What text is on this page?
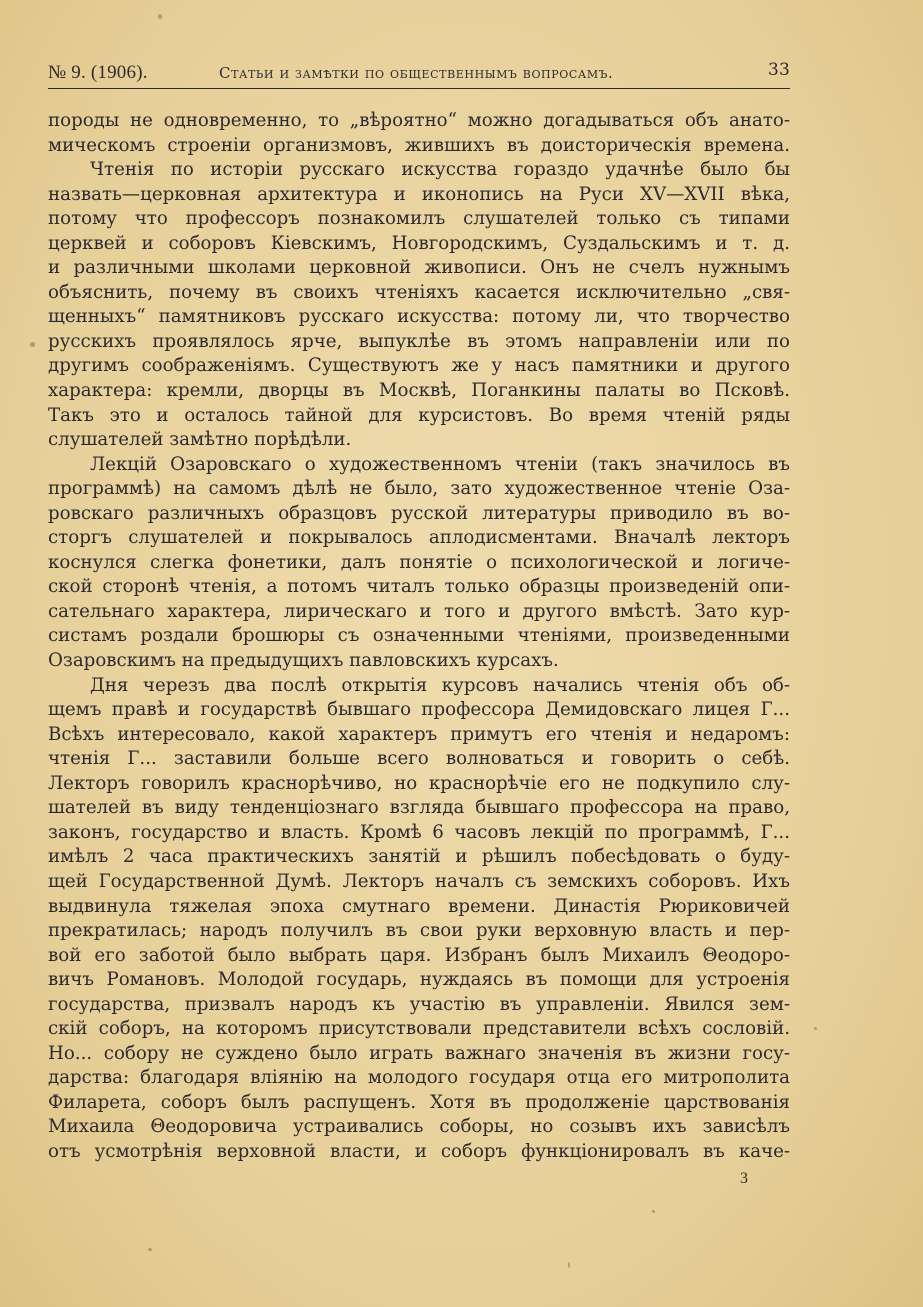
№ 9. (1906).	Статьи и замѣтки по общественнымъ вопросамъ.	33
породы не одновременно, то „вѣроятно“ можно догадываться объ анато-
мическомъ строеніи организмовъ, жившихъ въ доисторическія времена.
Чтенія по исторіи русскаго искусства гораздо удачнѣе было бы
назвать—церковная архитектура и иконопись на Руси XV—XVII вѣка,
потому что профессоръ познакомилъ слушателей только съ типами
церквей и соборовъ Кіевскимъ, Новгородскимъ, Суздальскимъ и т. д.
и различными школами церковной живописи. Онъ не счелъ нужнымъ
объяснить, почему въ своихъ чтеніяхъ касается исключительно „свя-
щенныхъ“ памятниковъ русскаго искусства: потому ли, что творчество
русскихъ проявлялось ярче, выпуклѣе въ этомъ направленіи или по
другимъ соображеніямъ. Существуютъ же у насъ памятники и другого
характера: кремли, дворцы въ Москвѣ, Поганкины палаты во Псковѣ.
Такъ это и осталось тайной для курсистовъ. Во время чтеній ряды
слушателей замѣтно порѣдѣли.
Лекцій Озаровскаго о художественномъ чтеніи (такъ значилось въ
программѣ) на самомъ дѣлѣ не было, зато художественное чтеніе Оза-
ровскаго различныхъ образцовъ русской литературы приводило въ во-
сторгъ слушателей и покрывалось аплодисментами. Вначалѣ лекторъ
коснулся слегка фонетики, далъ понятіе о психологической и логиче-
ской сторонѣ чтенія, а потомъ читалъ только образцы произведеній опи-
сательнаго характера, лирическаго и того и другого вмѣстѣ. Зато кур-
систамъ роздали брошюры съ означенными чтеніями, произведенными
Озаровскимъ на предыдущихъ павловскихъ курсахъ.
Дня черезъ два послѣ открытія курсовъ начались чтенія объ об-
щемъ правѣ и государствѣ бывшаго профессора Демидовскаго лицея Г...
Всѣхъ интересовало, какой характеръ примутъ его чтенія и недаромъ:
чтенія Г... заставили больше всего волноваться и говорить о себѣ.
Лекторъ говорилъ краснорѣчиво, но краснорѣчіе его не подкупило слу-
шателей въ виду тенденціознаго взгляда бывшаго профессора на право,
законъ, государство и власть. Кромѣ 6 часовъ лекцій по программѣ, Г...
имѣлъ 2 часа практическихъ занятій и рѣшилъ побесѣдовать о буду-
щей Государственной Думѣ. Лекторъ началъ съ земскихъ соборовъ. Ихъ
выдвинула тяжелая эпоха смутнаго времени. Династія Рюриковичей
прекратилась; народъ получилъ въ свои руки верховную власть и пер-
вой его заботой было выбрать царя. Избранъ былъ Михаилъ Θеодоро-
вичъ Романовъ. Молодой государь, нуждаясь въ помощи для устроенія
государства, призвалъ народъ къ участію въ управленіи. Явился зем-
скій соборъ, на которомъ присутствовали представители всѣхъ сословій.
Но... собору не суждено было играть важнаго значенія въ жизни госу-
дарства: благодаря вліянію на молодого государя отца его митрополита
Филарета, соборъ былъ распущенъ. Хотя въ продолженіе царствованія
Михаила Θеодоровича устраивались соборы, но созывъ ихъ зависѣлъ
отъ усмотрѣнія верховной власти, и соборъ функціонировалъ въ каче-
3
